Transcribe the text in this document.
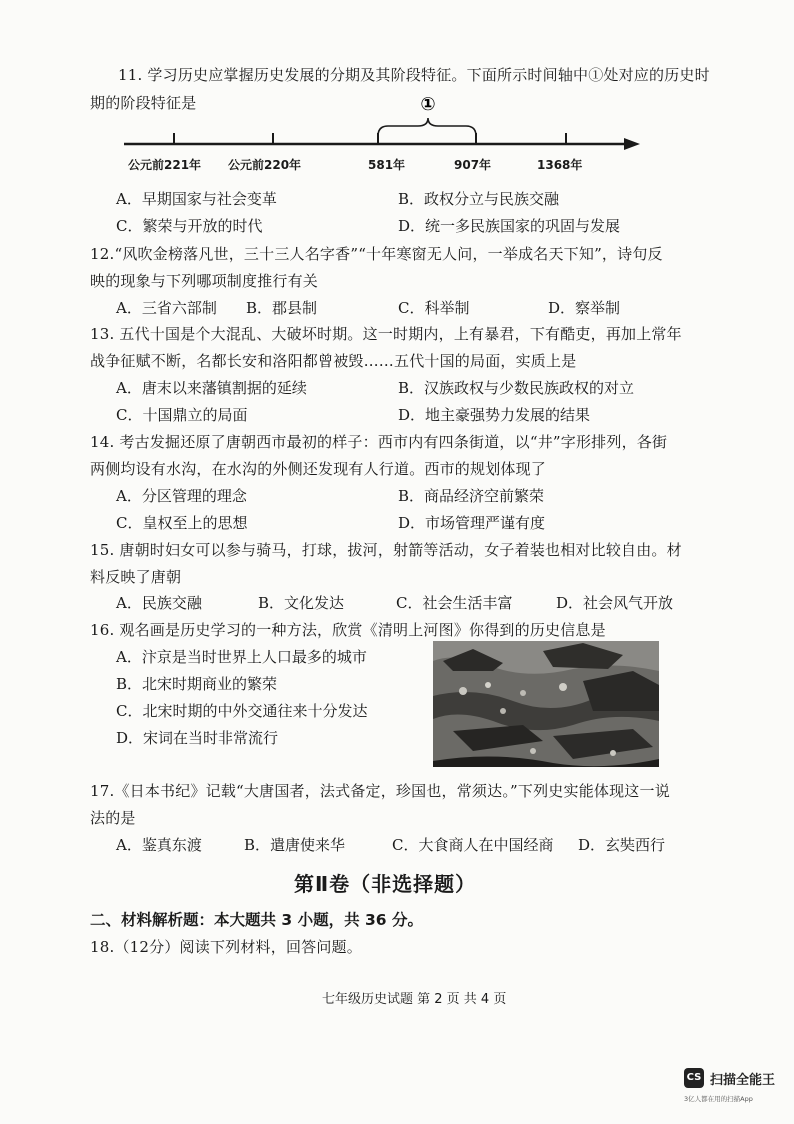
11. 学习历史应掌握历史发展的分期及其阶段特征。下面所示时间轴中①处对应的历史时
期的阶段特征是	①
公元前221年 公元前220年	581年	907年	1368年
A．早期国家与社会变革	B．政权分立与民族交融
C．繁荣与开放的时代	D．统一多民族国家的巩固与发展
12.“风吹金榜落凡世，三十三人名字香”“十年寒窗无人问，一举成名天下知”，诗句反
映的现象与下列哪项制度推行有关
A．三省六部制 B．郡县制	C．科举制	D．察举制
13. 五代十国是个大混乱、大破坏时期。这一时期内，上有暴君，下有酷吏，再加上常年
战争征赋不断，名都长安和洛阳都曾被毁……五代十国的局面，实质上是
A．唐末以来藩镇割据的延续	B．汉族政权与少数民族政权的对立
C．十国鼎立的局面	D．地主豪强势力发展的结果
14. 考古发掘还原了唐朝西市最初的样子：西市内有四条街道，以“井”字形排列，各街
两侧均设有水沟，在水沟的外侧还发现有人行道。西市的规划体现了
A．分区管理的理念	B．商品经济空前繁荣
C．皇权至上的思想	D．市场管理严谨有度
15. 唐朝时妇女可以参与骑马，打球，拔河，射箭等活动，女子着装也相对比较自由。材
料反映了唐朝
A．民族交融	B．文化发达	C．社会生活丰富	D．社会风气开放
16. 观名画是历史学习的一种方法，欣赏《清明上河图》你得到的历史信息是
A．汴京是当时世界上人口最多的城市
B．北宋时期商业的繁荣
C．北宋时期的中外交通往来十分发达
D．宋词在当时非常流行
17.《日本书纪》记载“大唐国者，法式备定，珍国也，常须达。”下列史实能体现这一说
法的是
A．鉴真东渡	B．遣唐使来华	C．大食商人在中国经商 D．玄奘西行
第Ⅱ卷（非选择题）
二、材料解析题：本大题共 3 小题，共 36 分。
18.（12分）阅读下列材料，回答问题。
七年级历史试题 第 2 页 共 4 页
CS 扫描全能王
3亿人都在用的扫描App
